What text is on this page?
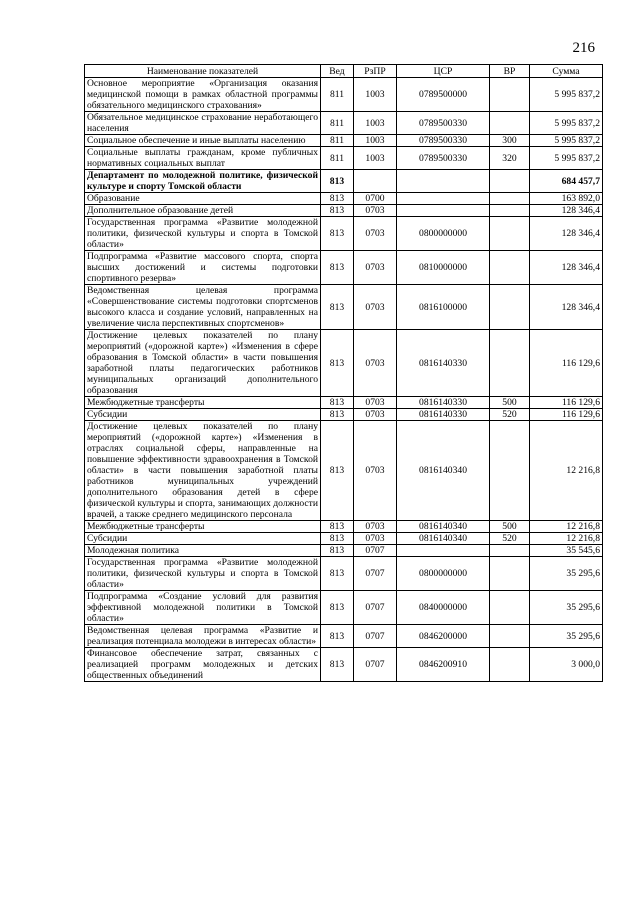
216
Наименование показателей	Вед	РзПР	ЦСР	ВР	Сумма
Основное мероприятие «Организация оказания медицинской помощи в рамках областной программы обязательного медицинского страхования»	811	1003	0789500000		5 995 837,2
Обязательное медицинское страхование неработающего населения	811	1003	0789500330		5 995 837,2
Социальное обеспечение и иные выплаты населению	811	1003	0789500330	300	5 995 837,2
Социальные выплаты гражданам, кроме публичных нормативных социальных выплат	811	1003	0789500330	320	5 995 837,2
Департамент по молодежной политике, физической культуре и спорту Томской области	813				684 457,7
Образование	813	0700			163 892,0
Дополнительное образование детей	813	0703			128 346,4
Государственная программа «Развитие молодежной политики, физической культуры и спорта в Томской области»	813	0703	0800000000		128 346,4
Подпрограмма «Развитие массового спорта, спорта высших достижений и системы подготовки спортивного резерва»	813	0703	0810000000		128 346,4
Ведомственная целевая программа «Совершенствование системы подготовки спортсменов высокого класса и создание условий, направленных на увеличение числа перспективных спортсменов»	813	0703	0816100000		128 346,4
Достижение целевых показателей по плану мероприятий («дорожной карте») «Изменения в сфере образования в Томской области» в части повышения заработной платы педагогических работников муниципальных организаций дополнительного образования	813	0703	0816140330		116 129,6
Межбюджетные трансферты	813	0703	0816140330	500	116 129,6
Субсидии	813	0703	0816140330	520	116 129,6
Достижение целевых показателей по плану мероприятий («дорожной карте») «Изменения в отраслях социальной сферы, направленные на повышение эффективности здравоохранения в Томской области» в части повышения заработной платы работников муниципальных учреждений дополнительного образования детей в сфере физической культуры и спорта, занимающих должности врачей, а также среднего медицинского персонала	813	0703	0816140340		12 216,8
Межбюджетные трансферты	813	0703	0816140340	500	12 216,8
Субсидии	813	0703	0816140340	520	12 216,8
Молодежная политика	813	0707			35 545,6
Государственная программа «Развитие молодежной политики, физической культуры и спорта в Томской области»	813	0707	0800000000		35 295,6
Подпрограмма «Создание условий для развития эффективной молодежной политики в Томской области»	813	0707	0840000000		35 295,6
Ведомственная целевая программа «Развитие и реализация потенциала молодежи в интересах области»	813	0707	0846200000		35 295,6
Финансовое обеспечение затрат, связанных с реализацией программ молодежных и детских общественных объединений	813	0707	0846200910		3 000,0
